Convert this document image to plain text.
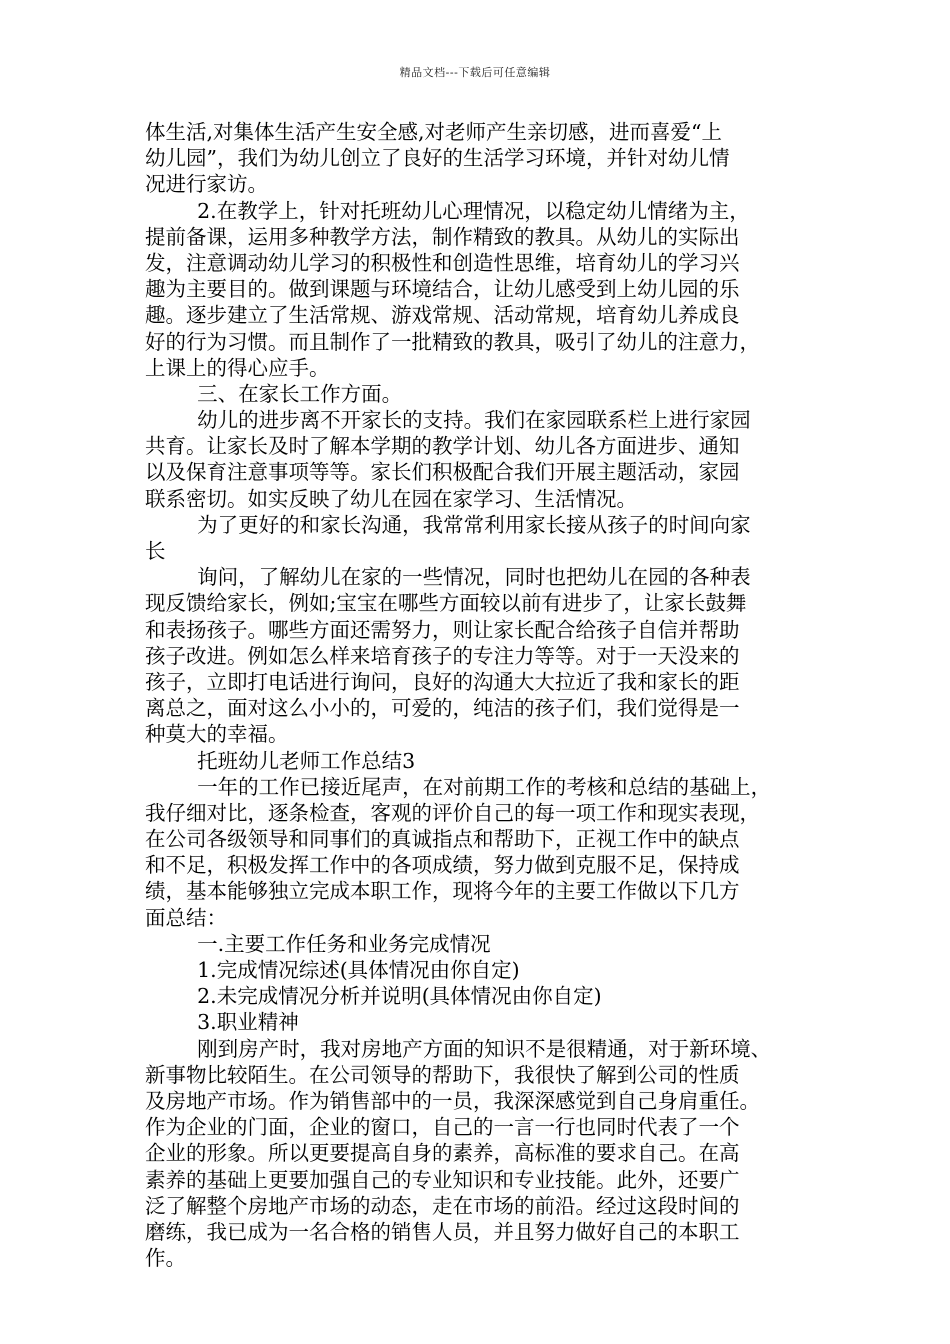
精品文档---下载后可任意编辑
体生活,对集体生活产生安全感,对老师产生亲切感，进而喜爱“上
幼儿园”，我们为幼儿创立了良好的生活学习环境，并针对幼儿情
况进行家访。
2.在教学上，针对托班幼儿心理情况，以稳定幼儿情绪为主，
提前备课，运用多种教学方法，制作精致的教具。从幼儿的实际出
发，注意调动幼儿学习的积极性和创造性思维，培育幼儿的学习兴
趣为主要目的。做到课题与环境结合，让幼儿感受到上幼儿园的乐
趣。逐步建立了生活常规、游戏常规、活动常规，培育幼儿养成良
好的行为习惯。而且制作了一批精致的教具，吸引了幼儿的注意力，
上课上的得心应手。
三、在家长工作方面。
幼儿的进步离不开家长的支持。我们在家园联系栏上进行家园
共育。让家长及时了解本学期的教学计划、幼儿各方面进步、通知
以及保育注意事项等等。家长们积极配合我们开展主题活动，家园
联系密切。如实反映了幼儿在园在家学习、生活情况。
为了更好的和家长沟通，我常常利用家长接从孩子的时间向家
长
询问，了解幼儿在家的一些情况，同时也把幼儿在园的各种表
现反馈给家长，例如;宝宝在哪些方面较以前有进步了，让家长鼓舞
和表扬孩子。哪些方面还需努力，则让家长配合给孩子自信并帮助
孩子改进。例如怎么样来培育孩子的专注力等等。对于一天没来的
孩子，立即打电话进行询问，良好的沟通大大拉近了我和家长的距
离总之，面对这么小小的，可爱的，纯洁的孩子们，我们觉得是一
种莫大的幸福。
托班幼儿老师工作总结3
一年的工作已接近尾声，在对前期工作的考核和总结的基础上，
我仔细对比，逐条检查，客观的评价自己的每一项工作和现实表现，
在公司各级领导和同事们的真诚指点和帮助下，正视工作中的缺点
和不足，积极发挥工作中的各项成绩，努力做到克服不足，保持成
绩，基本能够独立完成本职工作，现将今年的主要工作做以下几方
面总结：
一.主要工作任务和业务完成情况
1.完成情况综述(具体情况由你自定)
2.未完成情况分析并说明(具体情况由你自定)
3.职业精神
刚到房产时，我对房地产方面的知识不是很精通，对于新环境、
新事物比较陌生。在公司领导的帮助下，我很快了解到公司的性质
及房地产市场。作为销售部中的一员，我深深感觉到自己身肩重任。
作为企业的门面，企业的窗口，自己的一言一行也同时代表了一个
企业的形象。所以更要提高自身的素养，高标准的要求自己。在高
素养的基础上更要加强自己的专业知识和专业技能。此外，还要广
泛了解整个房地产市场的动态，走在市场的前沿。经过这段时间的
磨练，我已成为一名合格的销售人员，并且努力做好自己的本职工
作。
